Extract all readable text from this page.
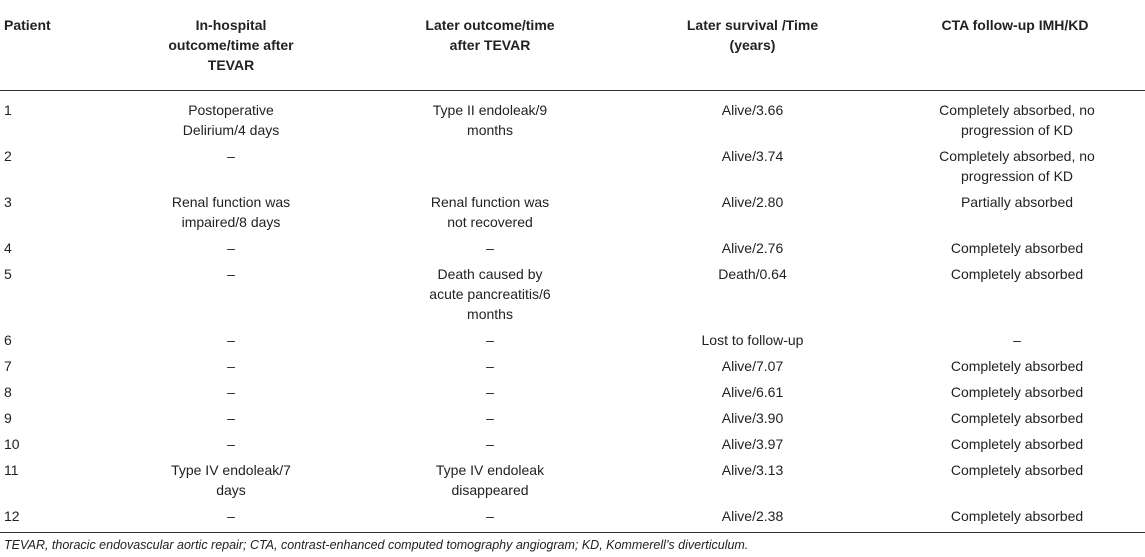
Patient	In-hospital outcome/time after TEVAR	Later outcome/time after TEVAR	Later survival /Time (years)	CTA follow-up IMH/KD

1	Postoperative Delirium/4 days	Type II endoleak/9 months	Alive/3.66	Completely absorbed, no progression of KD

2	–		Alive/3.74	Completely absorbed, no progression of KD

3	Renal function was impaired/8 days	Renal function was not recovered	Alive/2.80	Partially absorbed

4	–	–	Alive/2.76	Completely absorbed

5	–	Death caused by acute pancreatitis/6 months	Death/0.64	Completely absorbed

6	–	–	Lost to follow-up	–

7	–	–	Alive/7.07	Completely absorbed

8	–	–	Alive/6.61	Completely absorbed

9	–	–	Alive/3.90	Completely absorbed

10	–	–	Alive/3.97	Completely absorbed

11	Type IV endoleak/7 days	Type IV endoleak disappeared	Alive/3.13	Completely absorbed

12	–	–	Alive/2.38	Completely absorbed
TEVAR, thoracic endovascular aortic repair; CTA, contrast-enhanced computed tomography angiogram; KD, Kommerell’s diverticulum.
